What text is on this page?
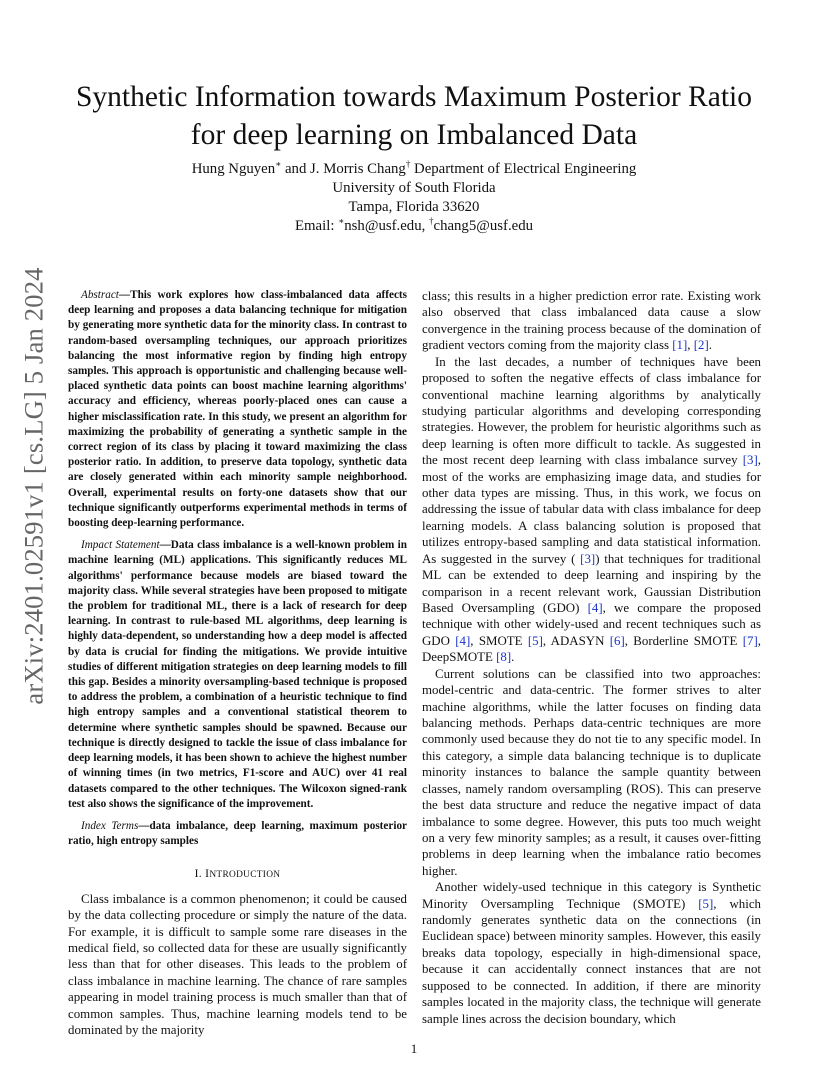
arXiv:2401.02591v1 [cs.LG] 5 Jan 2024
Synthetic Information towards Maximum Posterior Ratio for deep learning on Imbalanced Data
Hung Nguyen∗ and J. Morris Chang† Department of Electrical Engineering
University of South Florida
Tampa, Florida 33620
Email: ∗nsh@usf.edu, †chang5@usf.edu

Abstract—This work explores how class-imbalanced data affects deep learning and proposes a data balancing technique for mitigation by generating more synthetic data for the minority class. In contrast to random-based oversampling techniques, our approach prioritizes balancing the most informative region by finding high entropy samples. This approach is opportunistic and challenging because well-placed synthetic data points can boost machine learning algorithms' accuracy and efficiency, whereas poorly-placed ones can cause a higher misclassification rate. In this study, we present an algorithm for maximizing the probability of generating a synthetic sample in the correct region of its class by placing it toward maximizing the class posterior ratio. In addition, to preserve data topology, synthetic data are closely generated within each minority sample neighborhood. Overall, experimental results on forty-one datasets show that our technique significantly outperforms experimental methods in terms of boosting deep-learning performance.

Impact Statement—Data class imbalance is a well-known problem in machine learning (ML) applications. This significantly reduces ML algorithms' performance because models are biased toward the majority class. While several strategies have been proposed to mitigate the problem for traditional ML, there is a lack of research for deep learning. In contrast to rule-based ML algorithms, deep learning is highly data-dependent, so understanding how a deep model is affected by data is crucial for finding the mitigations. We provide intuitive studies of different mitigation strategies on deep learning models to fill this gap. Besides a minority oversampling-based technique is proposed to address the problem, a combination of a heuristic technique to find high entropy samples and a conventional statistical theorem to determine where synthetic samples should be spawned. Because our technique is directly designed to tackle the issue of class imbalance for deep learning models, it has been shown to achieve the highest number of winning times (in two metrics, F1-score and AUC) over 41 real datasets compared to the other techniques. The Wilcoxon signed-rank test also shows the significance of the improvement.

Index Terms—data imbalance, deep learning, maximum posterior ratio, high entropy samples

I. INTRODUCTION

Class imbalance is a common phenomenon; it could be caused by the data collecting procedure or simply the nature of the data. For example, it is difficult to sample some rare diseases in the medical field, so collected data for these are usually significantly less than that for other diseases. This leads to the problem of class imbalance in machine learning. The chance of rare samples appearing in model training process is much smaller than that of common samples. Thus, machine learning models tend to be dominated by the majority

class; this results in a higher prediction error rate. Existing work also observed that class imbalanced data cause a slow convergence in the training process because of the domination of gradient vectors coming from the majority class [1], [2].

In the last decades, a number of techniques have been proposed to soften the negative effects of class imbalance for conventional machine learning algorithms by analytically studying particular algorithms and developing corresponding strategies. However, the problem for heuristic algorithms such as deep learning is often more difficult to tackle. As suggested in the most recent deep learning with class imbalance survey [3], most of the works are emphasizing image data, and studies for other data types are missing. Thus, in this work, we focus on addressing the issue of tabular data with class imbalance for deep learning models. A class balancing solution is proposed that utilizes entropy-based sampling and data statistical information. As suggested in the survey ( [3]) that techniques for traditional ML can be extended to deep learning and inspiring by the comparison in a recent relevant work, Gaussian Distribution Based Oversampling (GDO) [4], we compare the proposed technique with other widely-used and recent techniques such as GDO [4], SMOTE [5], ADASYN [6], Borderline SMOTE [7], DeepSMOTE [8].

Current solutions can be classified into two approaches: model-centric and data-centric. The former strives to alter machine algorithms, while the latter focuses on finding data balancing methods. Perhaps data-centric techniques are more commonly used because they do not tie to any specific model. In this category, a simple data balancing technique is to duplicate minority instances to balance the sample quantity between classes, namely random oversampling (ROS). This can preserve the best data structure and reduce the negative impact of data imbalance to some degree. However, this puts too much weight on a very few minority samples; as a result, it causes over-fitting problems in deep learning when the imbalance ratio becomes higher.

Another widely-used technique in this category is Synthetic Minority Oversampling Technique (SMOTE) [5], which randomly generates synthetic data on the connections (in Euclidean space) between minority samples. However, this easily breaks data topology, especially in high-dimensional space, because it can accidentally connect instances that are not supposed to be connected. In addition, if there are minority samples located in the majority class, the technique will generate sample lines across the decision boundary, which

1
